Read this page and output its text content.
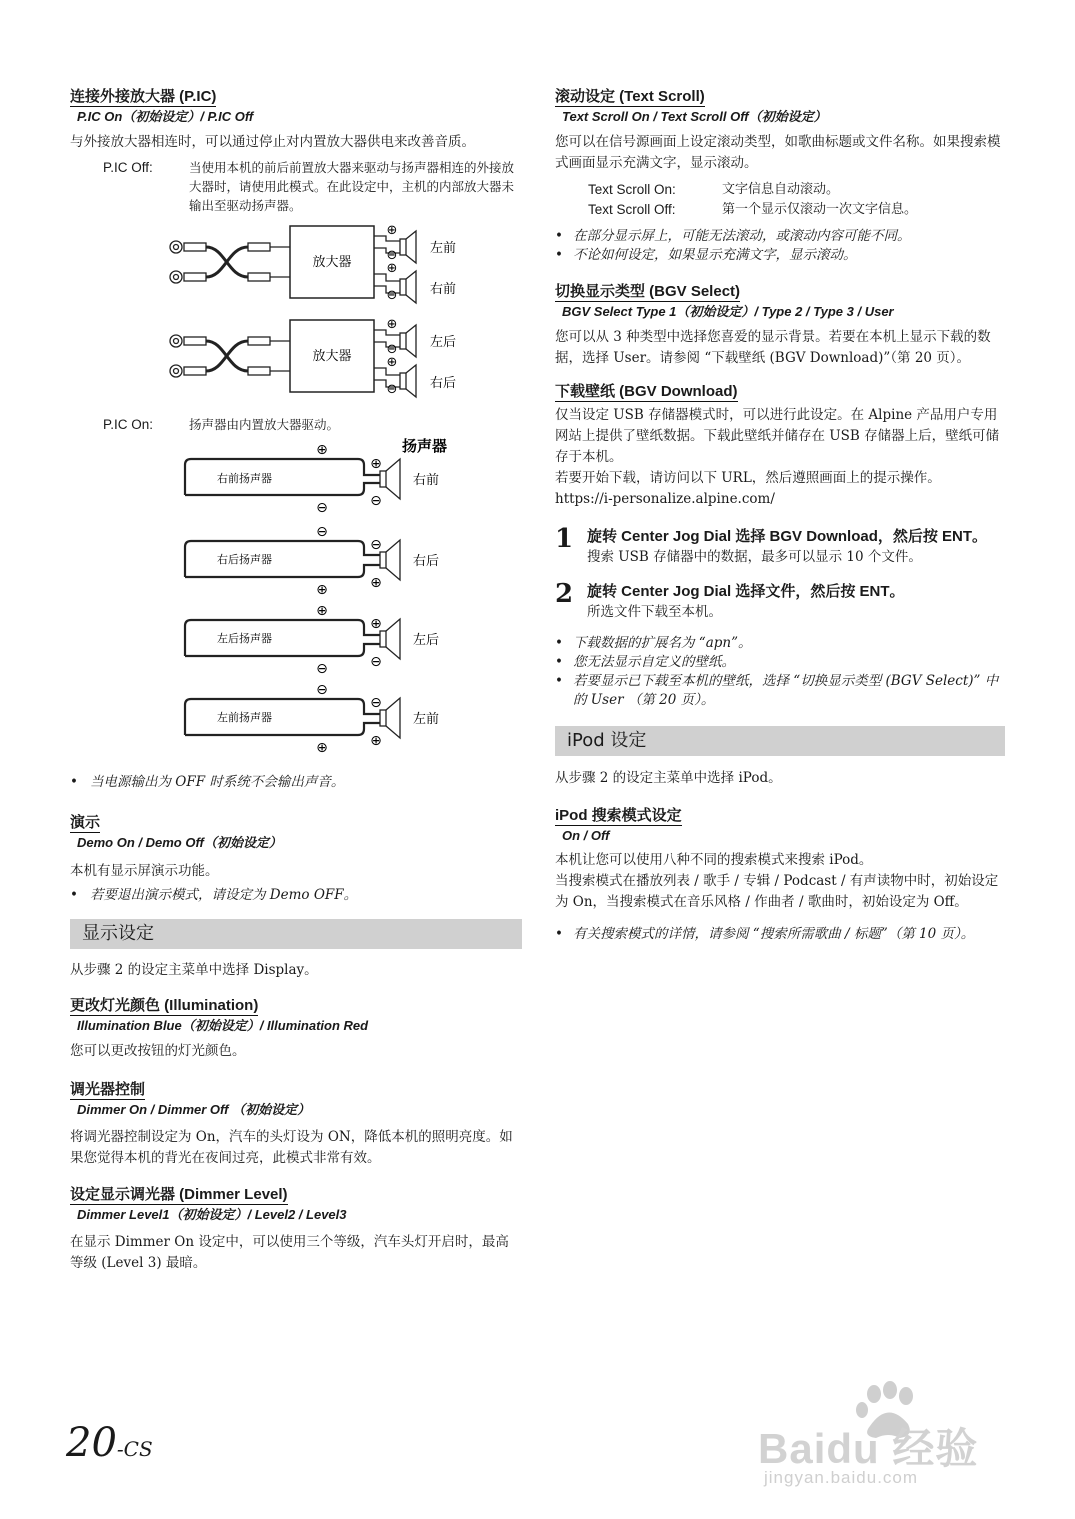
连接外接放大器 (P.IC)
P.IC On（初始设定）/ P.IC Off

与外接放大器相连时，可以通过停止对内置放大器供电来改善音质。

P.IC Off:	当使用本机的前后前置放大器来驱动与扬声器相连的外接放大器时，请使用此模式。在此设定中，主机的内部放大器未输出至驱动扬声器。
放大器
放大器
⊕
⊖
⊕
⊖
⊕
⊖
⊕
⊖
左前
右前
左后
右后
P.IC On:	扬声器由内置放大器驱动。
扬声器
右前扬声器
右后扬声器
左后扬声器
左前扬声器
⊕
⊖
⊕
⊖
⊖
⊕
⊖
⊕
⊕
⊖
⊕
⊖
⊖
⊕
⊖
⊕
右前
右后
左后
左前

• 当电源输出为 OFF 时系统不会输出声音。

演示
Demo On / Demo Off（初始设定）

本机有显示屏演示功能。

• 若要退出演示模式，请设定为 Demo OFF。

显示设定

从步骤 2 的设定主菜单中选择 Display。

更改灯光颜色 (Illumination)
Illumination Blue（初始设定）/ Illumination Red

您可以更改按钮的灯光颜色。

调光器控制
Dimmer On / Dimmer Off （初始设定）

将调光器控制设定为 On，汽车的头灯设为 ON，降低本机的照明亮度。如果您觉得本机的背光在夜间过亮，此模式非常有效。

设定显示调光器 (Dimmer Level)
Dimmer Level1（初始设定）/ Level2 / Level3

在显示 Dimmer On 设定中，可以使用三个等级，汽车头灯开启时，最高等级 (Level 3) 最暗。

滚动设定 (Text Scroll)
Text Scroll On / Text Scroll Off（初始设定）

您可以在信号源画面上设定滚动类型，如歌曲标题或文件名称。如果搜索模式画面显示充满文字，显示滚动。

Text Scroll On:	文字信息自动滚动。
Text Scroll Off:	第一个显示仅滚动一次文字信息。

• 在部分显示屏上，可能无法滚动，或滚动内容可能不同。

• 不论如何设定，如果显示充满文字，显示滚动。

切换显示类型 (BGV Select)
BGV Select Type 1（初始设定）/ Type 2 / Type 3 / User

您可以从 3 种类型中选择您喜爱的显示背景。若要在本机上显示下载的数据，选择 User。请参阅 “下载壁纸 (BGV Download)”（第 20 页）。

下载壁纸 (BGV Download)

仅当设定 USB 存储器模式时，可以进行此设定。在 Alpine 产品用户专用网站上提供了壁纸数据。下载此壁纸并储存在 USB 存储器上后，壁纸可储存于本机。

若要开始下载，请访问以下 URL，然后遵照画面上的提示操作。

https://i-personalize.alpine.com/

1 旋转 Center Jog Dial 选择 BGV Download，然后按 ENT。
搜索 USB 存储器中的数据，最多可以显示 10 个文件。
2 旋转 Center Jog Dial 选择文件，然后按 ENT。
所选文件下载至本机。

• 下载数据的扩展名为 “apn”。

• 您无法显示自定义的壁纸。

• 若要显示已下载至本机的壁纸，选择 “切换显示类型 (BGV Select)” 中的 User （第 20 页）。

iPod 设定

从步骤 2 的设定主菜单中选择 iPod。

iPod 搜索模式设定
On / Off

本机让您可以使用八种不同的搜索模式来搜索 iPod。

当搜索模式在播放列表 / 歌手 / 专辑 / Podcast / 有声读物中时，初始设定为 On，当搜索模式在音乐风格 / 作曲者 / 歌曲时，初始设定为 Off。

• 有关搜索模式的详情，请参阅 “搜索所需歌曲 / 标题”（第 10 页）。

20-CS	Baidu 经验
jingyan.baidu.com
